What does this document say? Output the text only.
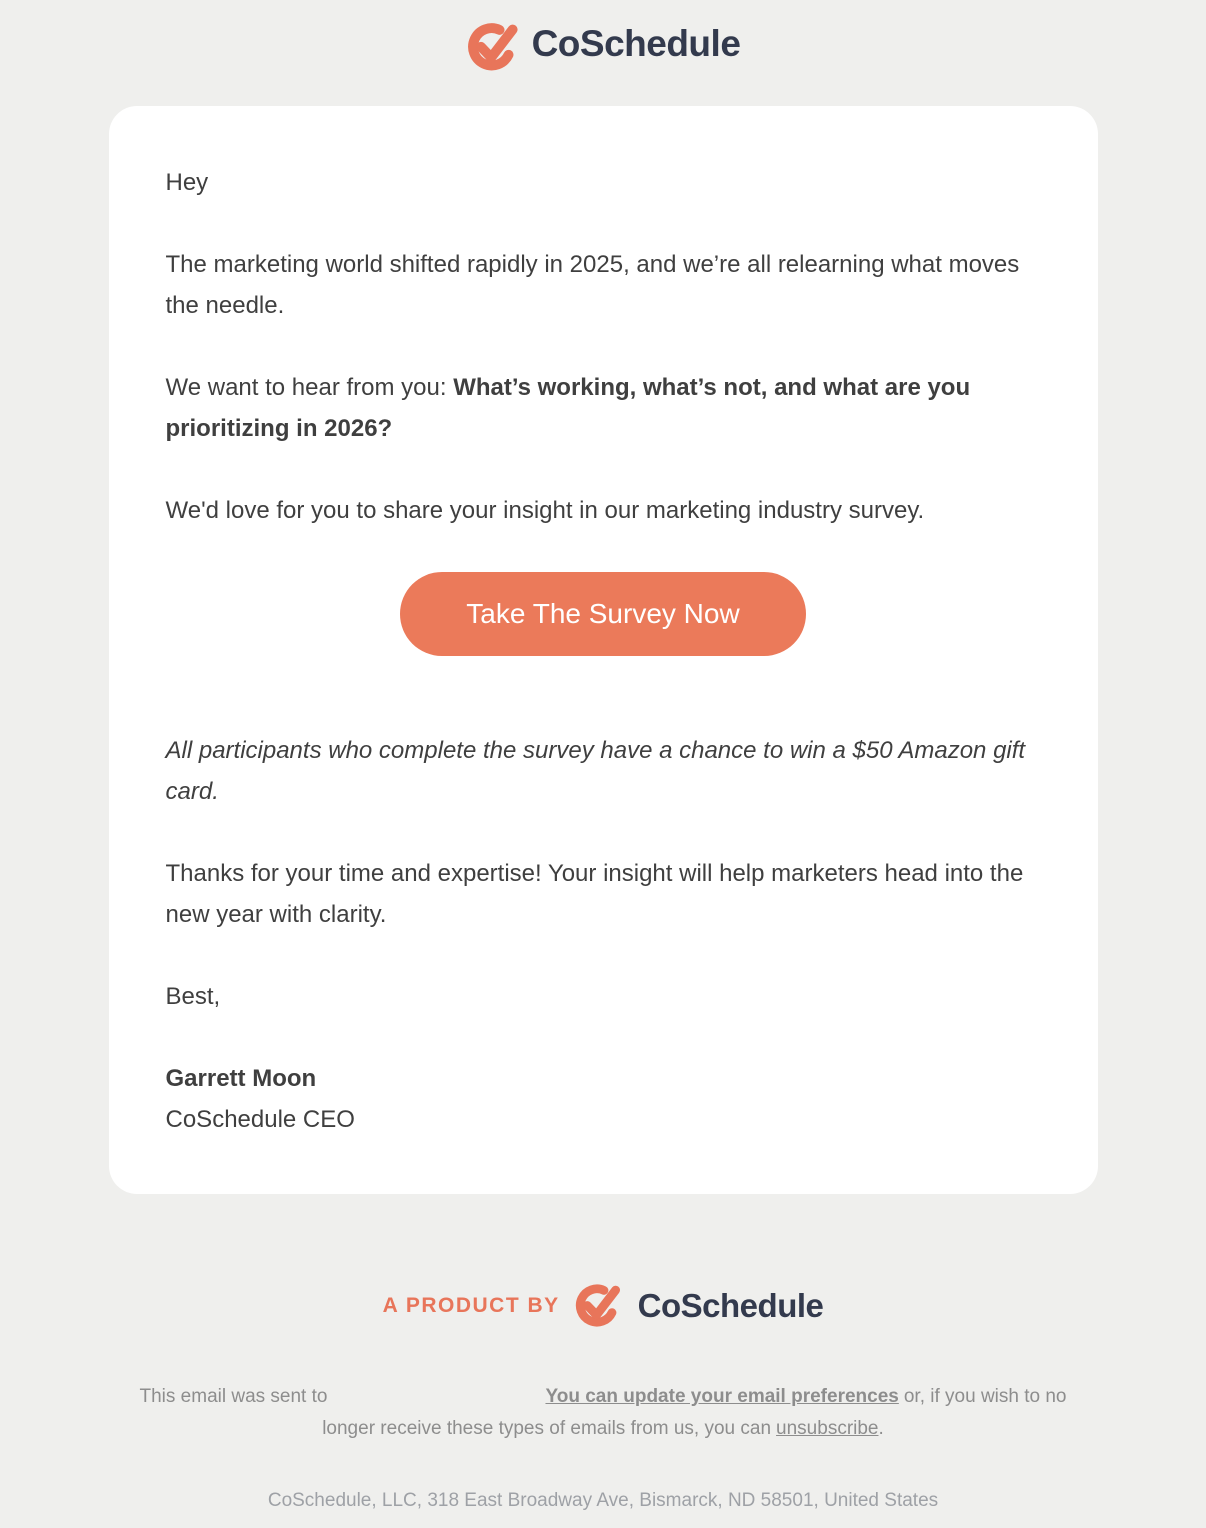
CoSchedule

Hey

The marketing world shifted rapidly in 2025, and we’re all relearning what moves the needle.

We want to hear from you: What’s working, what’s not, and what are you prioritizing in 2026?

We'd love for you to share your insight in our marketing industry survey.

Take The Survey Now

All participants who complete the survey have a chance to win a $50 Amazon gift card.

Thanks for your time and expertise! Your insight will help marketers head into the new year with clarity.

Best,

Garrett Moon

CoSchedule CEO

A PRODUCT BY CoSchedule
This email was sent to	You can update your email preferences or, if you wish to no longer receive these types of emails from us, you can unsubscribe.
CoSchedule, LLC, 318 East Broadway Ave, Bismarck, ND 58501, United States
